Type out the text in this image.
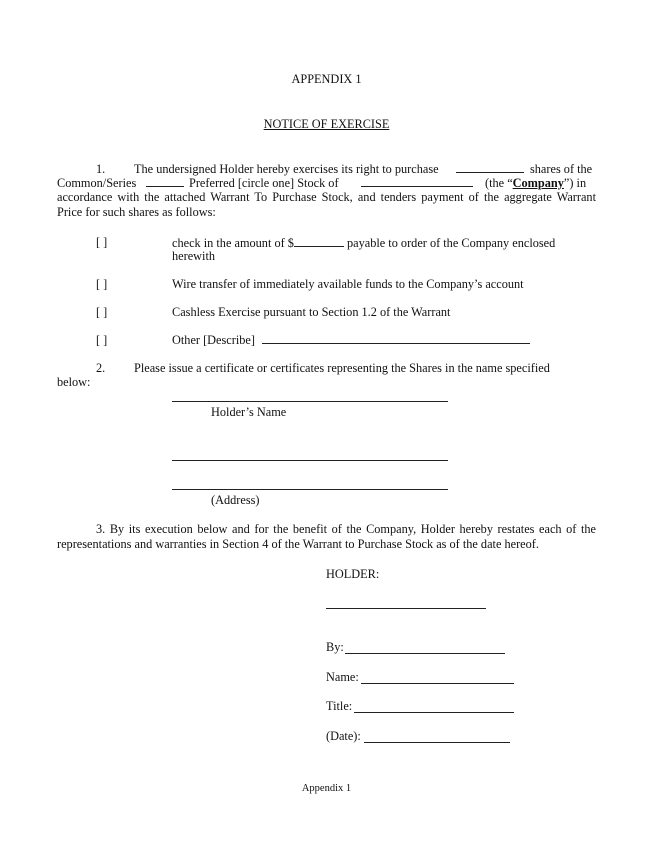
APPENDIX 1
NOTICE OF EXERCISE
1. The undersigned Holder hereby exercises its right to purchase	shares of the
Common/Series	Preferred [circle one] Stock of	(the “Company”) in
accordance with the attached Warrant To Purchase Stock, and tenders payment of the aggregate Warrant Price for such shares as follows:
[ ]	check in the amount of $	payable to order of the Company enclosed
herewith
[ ]	Wire transfer of immediately available funds to the Company’s account
[ ]	Cashless Exercise pursuant to Section 1.2 of the Warrant
[ ]	Other [Describe]
2. Please issue a certificate or certificates representing the Shares in the name specified
below:
Holder’s Name
(Address)
3. By its execution below and for the benefit of the Company, Holder hereby restates each of the representations and warranties in Section 4 of the Warrant to Purchase Stock as of the date hereof.
HOLDER:
By:
Name:
Title:
(Date):
Appendix 1
